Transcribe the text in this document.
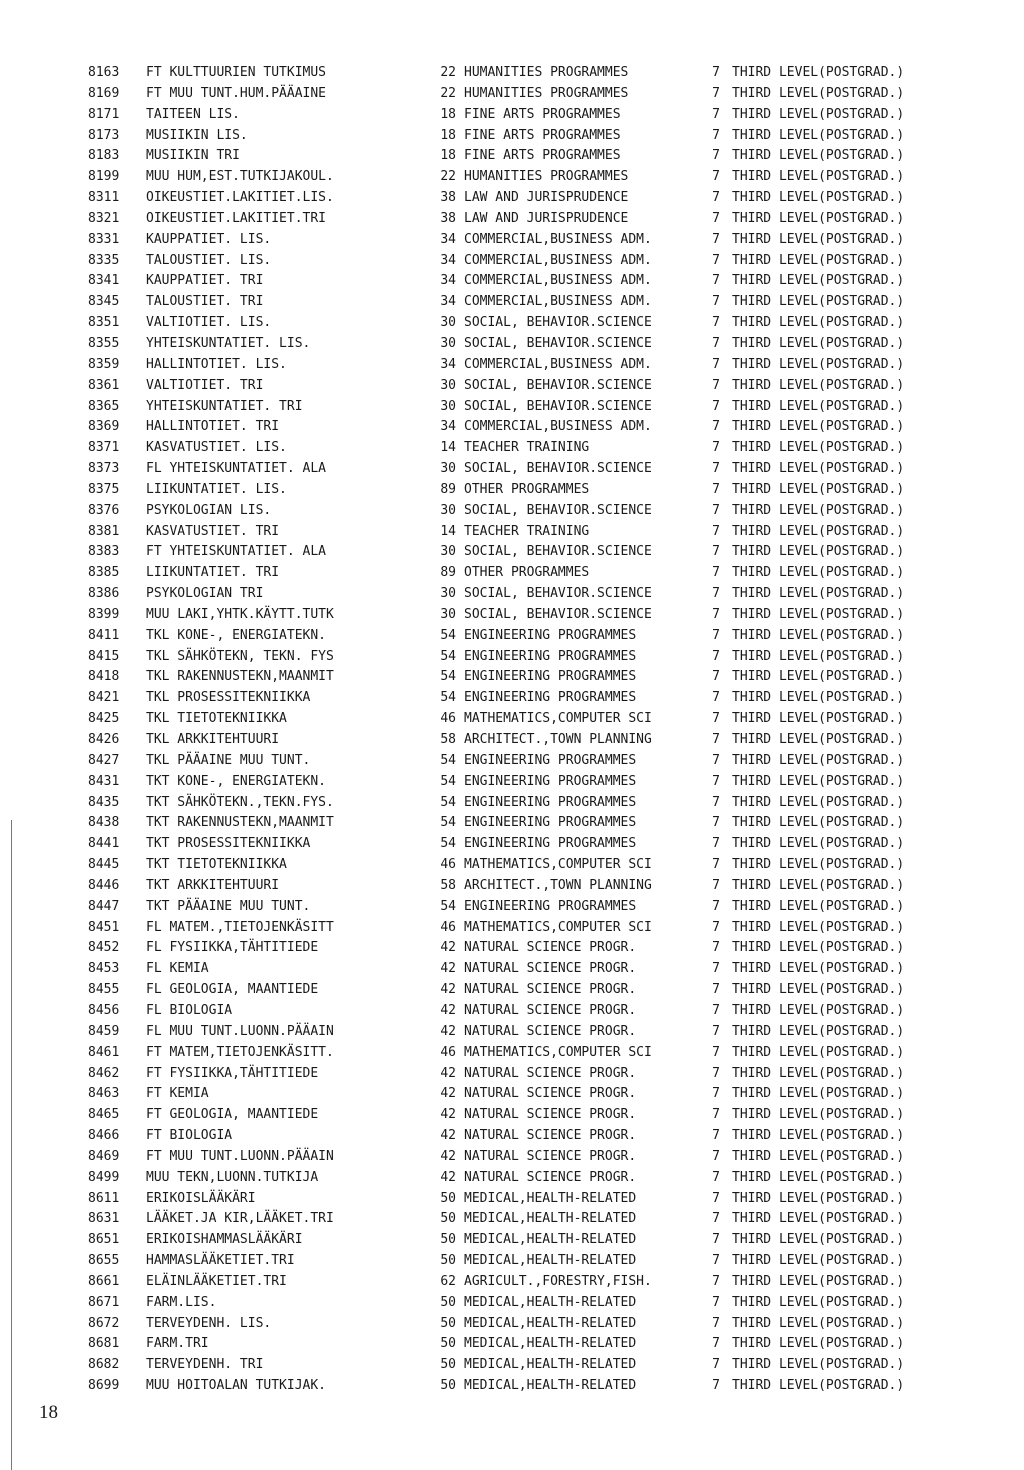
8163	FT KULTTUURIEN TUTKIMUS	22 HUMANITIES PROGRAMMES	7 THIRD LEVEL(POSTGRAD.)
8169	FT MUU TUNT.HUM.PÄÄAINE	22 HUMANITIES PROGRAMMES	7 THIRD LEVEL(POSTGRAD.)
8171	TAITEEN LIS.	18 FINE ARTS PROGRAMMES	7 THIRD LEVEL(POSTGRAD.)
8173	MUSIIKIN LIS.	18 FINE ARTS PROGRAMMES	7 THIRD LEVEL(POSTGRAD.)
8183	MUSIIKIN TRI	18 FINE ARTS PROGRAMMES	7 THIRD LEVEL(POSTGRAD.)
8199	MUU HUM,EST.TUTKIJAKOUL.	22 HUMANITIES PROGRAMMES	7 THIRD LEVEL(POSTGRAD.)
8311	OIKEUSTIET.LAKITIET.LIS.	38 LAW AND JURISPRUDENCE	7 THIRD LEVEL(POSTGRAD.)
8321	OIKEUSTIET.LAKITIET.TRI	38 LAW AND JURISPRUDENCE	7 THIRD LEVEL(POSTGRAD.)
8331	KAUPPATIET. LIS.	34 COMMERCIAL,BUSINESS ADM.	7 THIRD LEVEL(POSTGRAD.)
8335	TALOUSTIET. LIS.	34 COMMERCIAL,BUSINESS ADM.	7 THIRD LEVEL(POSTGRAD.)
8341	KAUPPATIET. TRI	34 COMMERCIAL,BUSINESS ADM.	7 THIRD LEVEL(POSTGRAD.)
8345	TALOUSTIET. TRI	34 COMMERCIAL,BUSINESS ADM.	7 THIRD LEVEL(POSTGRAD.)
8351	VALTIOTIET. LIS.	30 SOCIAL, BEHAVIOR.SCIENCE	7 THIRD LEVEL(POSTGRAD.)
8355	YHTEISKUNTATIET. LIS.	30 SOCIAL, BEHAVIOR.SCIENCE	7 THIRD LEVEL(POSTGRAD.)
8359	HALLINTOTIET. LIS.	34 COMMERCIAL,BUSINESS ADM.	7 THIRD LEVEL(POSTGRAD.)
8361	VALTIOTIET. TRI	30 SOCIAL, BEHAVIOR.SCIENCE	7 THIRD LEVEL(POSTGRAD.)
8365	YHTEISKUNTATIET. TRI	30 SOCIAL, BEHAVIOR.SCIENCE	7 THIRD LEVEL(POSTGRAD.)
8369	HALLINTOTIET. TRI	34 COMMERCIAL,BUSINESS ADM.	7 THIRD LEVEL(POSTGRAD.)
8371	KASVATUSTIET. LIS.	14 TEACHER TRAINING	7 THIRD LEVEL(POSTGRAD.)
8373	FL YHTEISKUNTATIET. ALA	30 SOCIAL, BEHAVIOR.SCIENCE	7 THIRD LEVEL(POSTGRAD.)
8375	LIIKUNTATIET. LIS.	89 OTHER PROGRAMMES	7 THIRD LEVEL(POSTGRAD.)
8376	PSYKOLOGIAN LIS.	30 SOCIAL, BEHAVIOR.SCIENCE	7 THIRD LEVEL(POSTGRAD.)
8381	KASVATUSTIET. TRI	14 TEACHER TRAINING	7 THIRD LEVEL(POSTGRAD.)
8383	FT YHTEISKUNTATIET. ALA	30 SOCIAL, BEHAVIOR.SCIENCE	7 THIRD LEVEL(POSTGRAD.)
8385	LIIKUNTATIET. TRI	89 OTHER PROGRAMMES	7 THIRD LEVEL(POSTGRAD.)
8386	PSYKOLOGIAN TRI	30 SOCIAL, BEHAVIOR.SCIENCE	7 THIRD LEVEL(POSTGRAD.)
8399	MUU LAKI,YHTK.KÄYTT.TUTK	30 SOCIAL, BEHAVIOR.SCIENCE	7 THIRD LEVEL(POSTGRAD.)
8411	TKL KONE-, ENERGIATEKN.	54 ENGINEERING PROGRAMMES	7 THIRD LEVEL(POSTGRAD.)
8415	TKL SÄHKÖTEKN, TEKN. FYS	54 ENGINEERING PROGRAMMES	7 THIRD LEVEL(POSTGRAD.)
8418	TKL RAKENNUSTEKN,MAANMIT	54 ENGINEERING PROGRAMMES	7 THIRD LEVEL(POSTGRAD.)
8421	TKL PROSESSITEKNIIKKA	54 ENGINEERING PROGRAMMES	7 THIRD LEVEL(POSTGRAD.)
8425	TKL TIETOTEKNIIKKA	46 MATHEMATICS,COMPUTER SCI	7 THIRD LEVEL(POSTGRAD.)
8426	TKL ARKKITEHTUURI	58 ARCHITECT.,TOWN PLANNING	7 THIRD LEVEL(POSTGRAD.)
8427	TKL PÄÄAINE MUU TUNT.	54 ENGINEERING PROGRAMMES	7 THIRD LEVEL(POSTGRAD.)
8431	TKT KONE-, ENERGIATEKN.	54 ENGINEERING PROGRAMMES	7 THIRD LEVEL(POSTGRAD.)
8435	TKT SÄHKÖTEKN.,TEKN.FYS.	54 ENGINEERING PROGRAMMES	7 THIRD LEVEL(POSTGRAD.)
8438	TKT RAKENNUSTEKN,MAANMIT	54 ENGINEERING PROGRAMMES	7 THIRD LEVEL(POSTGRAD.)
8441	TKT PROSESSITEKNIIKKA	54 ENGINEERING PROGRAMMES	7 THIRD LEVEL(POSTGRAD.)
8445	TKT TIETOTEKNIIKKA	46 MATHEMATICS,COMPUTER SCI	7 THIRD LEVEL(POSTGRAD.)
8446	TKT ARKKITEHTUURI	58 ARCHITECT.,TOWN PLANNING	7 THIRD LEVEL(POSTGRAD.)
8447	TKT PÄÄAINE MUU TUNT.	54 ENGINEERING PROGRAMMES	7 THIRD LEVEL(POSTGRAD.)
8451	FL MATEM.,TIETOJENKÄSITT	46 MATHEMATICS,COMPUTER SCI	7 THIRD LEVEL(POSTGRAD.)
8452	FL FYSIIKKA,TÄHTITIEDE	42 NATURAL SCIENCE PROGR.	7 THIRD LEVEL(POSTGRAD.)
8453	FL KEMIA	42 NATURAL SCIENCE PROGR.	7 THIRD LEVEL(POSTGRAD.)
8455	FL GEOLOGIA, MAANTIEDE	42 NATURAL SCIENCE PROGR.	7 THIRD LEVEL(POSTGRAD.)
8456	FL BIOLOGIA	42 NATURAL SCIENCE PROGR.	7 THIRD LEVEL(POSTGRAD.)
8459	FL MUU TUNT.LUONN.PÄÄAIN	42 NATURAL SCIENCE PROGR.	7 THIRD LEVEL(POSTGRAD.)
8461	FT MATEM,TIETOJENKÄSITT.	46 MATHEMATICS,COMPUTER SCI	7 THIRD LEVEL(POSTGRAD.)
8462	FT FYSIIKKA,TÄHTITIEDE	42 NATURAL SCIENCE PROGR.	7 THIRD LEVEL(POSTGRAD.)
8463	FT KEMIA	42 NATURAL SCIENCE PROGR.	7 THIRD LEVEL(POSTGRAD.)
8465	FT GEOLOGIA, MAANTIEDE	42 NATURAL SCIENCE PROGR.	7 THIRD LEVEL(POSTGRAD.)
8466	FT BIOLOGIA	42 NATURAL SCIENCE PROGR.	7 THIRD LEVEL(POSTGRAD.)
8469	FT MUU TUNT.LUONN.PÄÄAIN	42 NATURAL SCIENCE PROGR.	7 THIRD LEVEL(POSTGRAD.)
8499	MUU TEKN,LUONN.TUTKIJA	42 NATURAL SCIENCE PROGR.	7 THIRD LEVEL(POSTGRAD.)
8611	ERIKOISLÄÄKÄRI	50 MEDICAL,HEALTH-RELATED	7 THIRD LEVEL(POSTGRAD.)
8631	LÄÄKET.JA KIR,LÄÄKET.TRI	50 MEDICAL,HEALTH-RELATED	7 THIRD LEVEL(POSTGRAD.)
8651	ERIKOISHAMMASLÄÄKÄRI	50 MEDICAL,HEALTH-RELATED	7 THIRD LEVEL(POSTGRAD.)
8655	HAMMASLÄÄKETIET.TRI	50 MEDICAL,HEALTH-RELATED	7 THIRD LEVEL(POSTGRAD.)
8661	ELÄINLÄÄKETIET.TRI	62 AGRICULT.,FORESTRY,FISH.	7 THIRD LEVEL(POSTGRAD.)
8671	FARM.LIS.	50 MEDICAL,HEALTH-RELATED	7 THIRD LEVEL(POSTGRAD.)
8672	TERVEYDENH. LIS.	50 MEDICAL,HEALTH-RELATED	7 THIRD LEVEL(POSTGRAD.)
8681	FARM.TRI	50 MEDICAL,HEALTH-RELATED	7 THIRD LEVEL(POSTGRAD.)
8682	TERVEYDENH. TRI	50 MEDICAL,HEALTH-RELATED	7 THIRD LEVEL(POSTGRAD.)
8699	MUU HOITOALAN TUTKIJAK.	50 MEDICAL,HEALTH-RELATED	7 THIRD LEVEL(POSTGRAD.)
18
